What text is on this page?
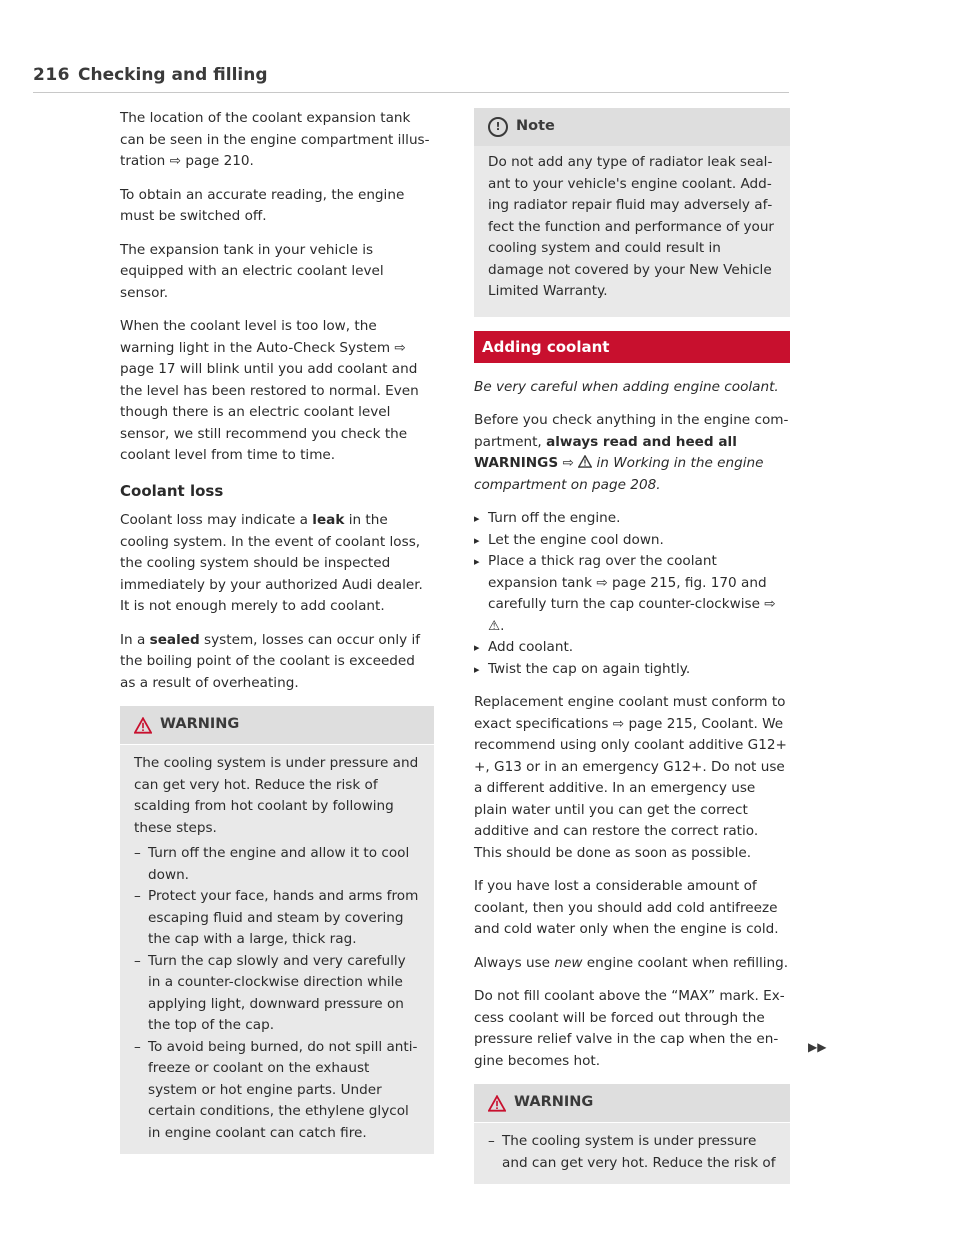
216 Checking and filling

The location of the coolant expansion tank can be seen in the engine compartment illustration ⇨ page 210.

To obtain an accurate reading, the engine must be switched off.

The expansion tank in your vehicle is equipped with an electric coolant level sensor.

When the coolant level is too low, the warning light in the Auto-Check System ⇨ page 17 will blink until you add coolant and the level has been restored to normal. Even though there is an electric coolant level sensor, we still recommend you check the coolant level from time to time.

Coolant loss

Coolant loss may indicate a leak in the cooling system. In the event of coolant loss, the cooling system should be inspected immediately by your authorized Audi dealer. It is not enough merely to add coolant.

In a sealed system, losses can occur only if the boiling point of the coolant is exceeded as a result of overheating.

WARNING

The cooling system is under pressure and can get very hot. Reduce the risk of scalding from hot coolant by following these steps.

– Turn off the engine and allow it to cool down.
– Protect your face, hands and arms from escaping fluid and steam by covering the cap with a large, thick rag.
– Turn the cap slowly and very carefully in a counter-clockwise direction while applying light, downward pressure on the top of the cap.
– To avoid being burned, do not spill antifreeze or coolant on the exhaust system or hot engine parts. Under certain conditions, the ethylene glycol in engine coolant can catch fire.
!	Note

Do not add any type of radiator leak sealant to your vehicle's engine coolant. Adding radiator repair fluid may adversely affect the function and performance of your cooling system and could result in damage not covered by your New Vehicle Limited Warranty.

Adding coolant

Be very careful when adding engine coolant.

Before you check anything in the engine compartment, always read and heed all WARNINGS ⇨  in Working in the engine compartment on page 208.

▸ Turn off the engine.
▸ Let the engine cool down.
▸ Place a thick rag over the coolant expansion tank ⇨ page 215, fig. 170 and carefully turn the cap counter-clockwise ⇨ ⚠.
▸ Add coolant.
▸ Twist the cap on again tightly.

Replacement engine coolant must conform to exact specifications ⇨ page 215, Coolant. We recommend using only coolant additive G12+ +, G13 or in an emergency G12+. Do not use a different additive. In an emergency use plain water until you can get the correct additive and can restore the correct ratio. This should be done as soon as possible.

If you have lost a considerable amount of coolant, then you should add cold antifreeze and cold water only when the engine is cold.

Always use new engine coolant when refilling.

Do not fill coolant above the “MAX” mark. Excess coolant will be forced out through the pressure relief valve in the cap when the engine becomes hot.

WARNING
– The cooling system is under pressure and can get very hot. Reduce the risk of
▶▶
